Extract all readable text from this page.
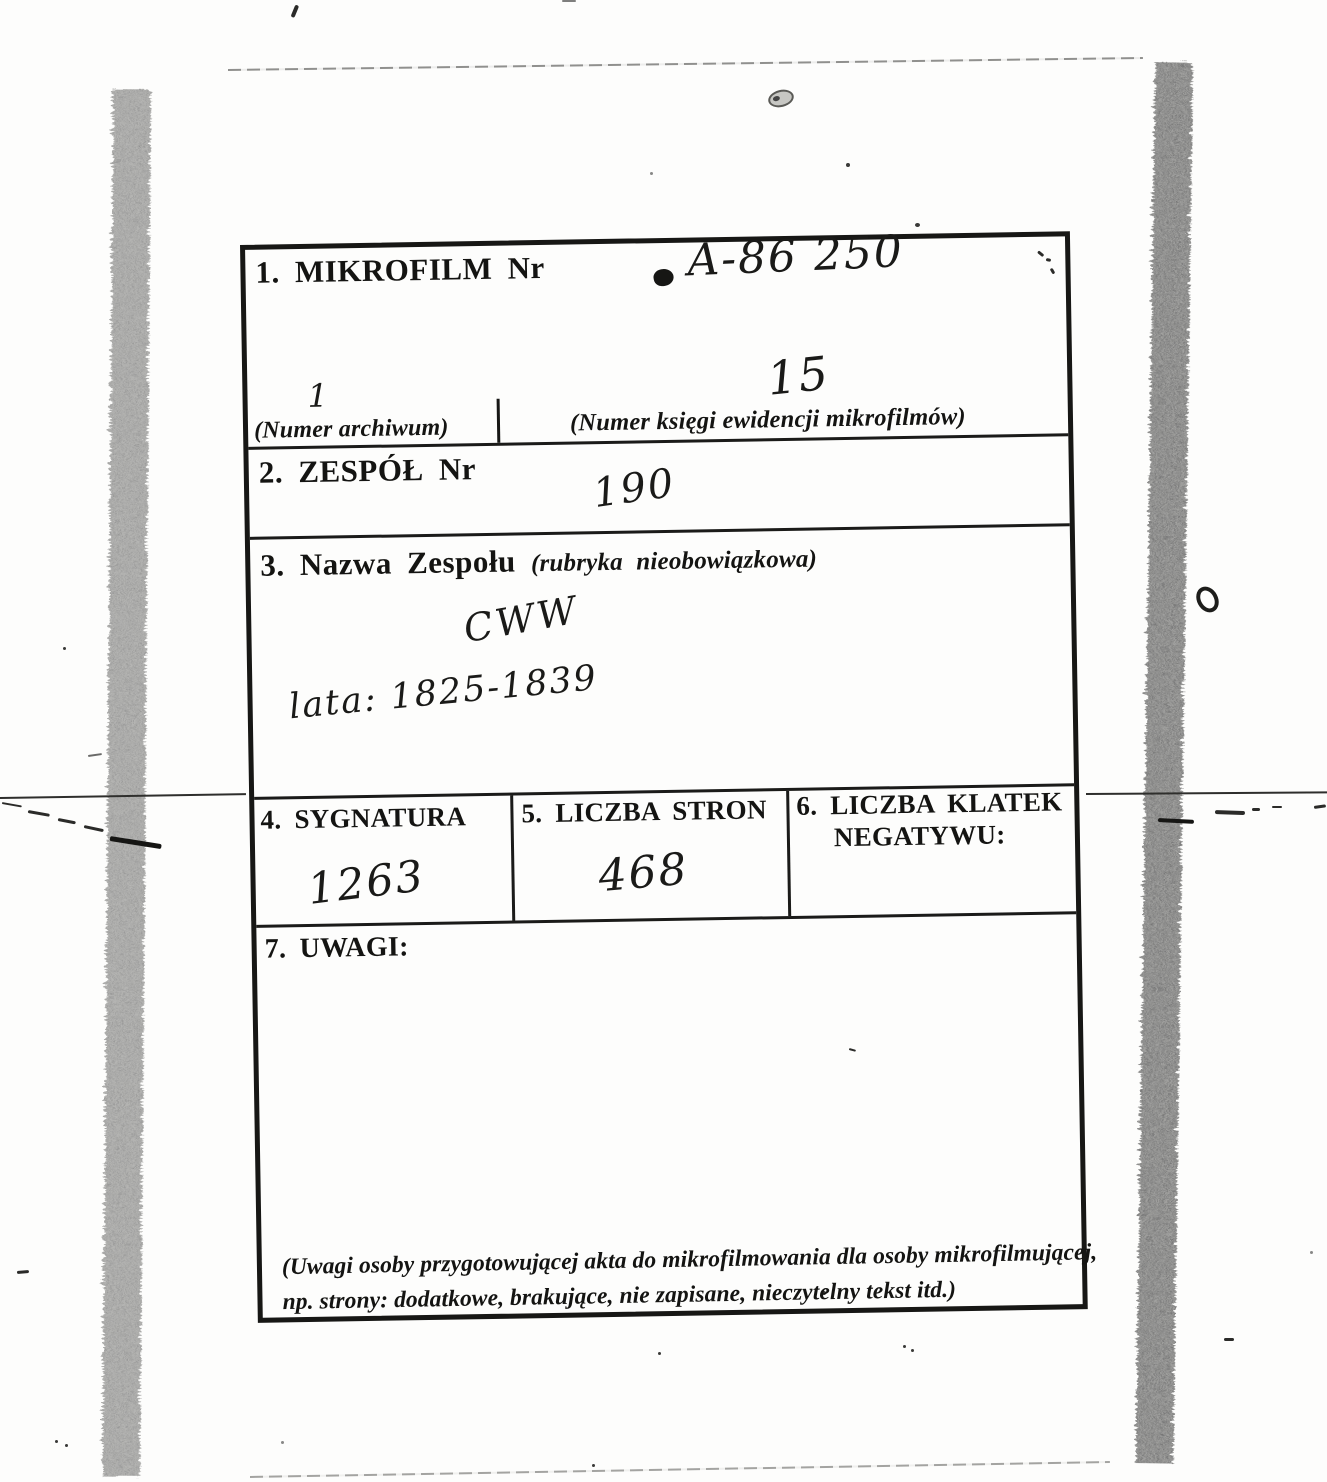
1. MIKROFILM Nr	A-86 250
1	15
(Numer archiwum)	(Numer księgi ewidencji mikrofilmów)
2. ZESPÓŁ Nr	190
3. Nazwa Zespołu (rubryka nieobowiązkowa)
CWW
lata: 1825-1839
4. SYGNATURA
1263
5. LICZBA STRON
468
6. LICZBA KLATEK
NEGATYWU:
7. UWAGI:
(Uwagi osoby przygotowującej akta do mikrofilmowania dla osoby mikrofilmującej,
np. strony: dodatkowe, brakujące, nie zapisane, nieczytelny tekst itd.)
